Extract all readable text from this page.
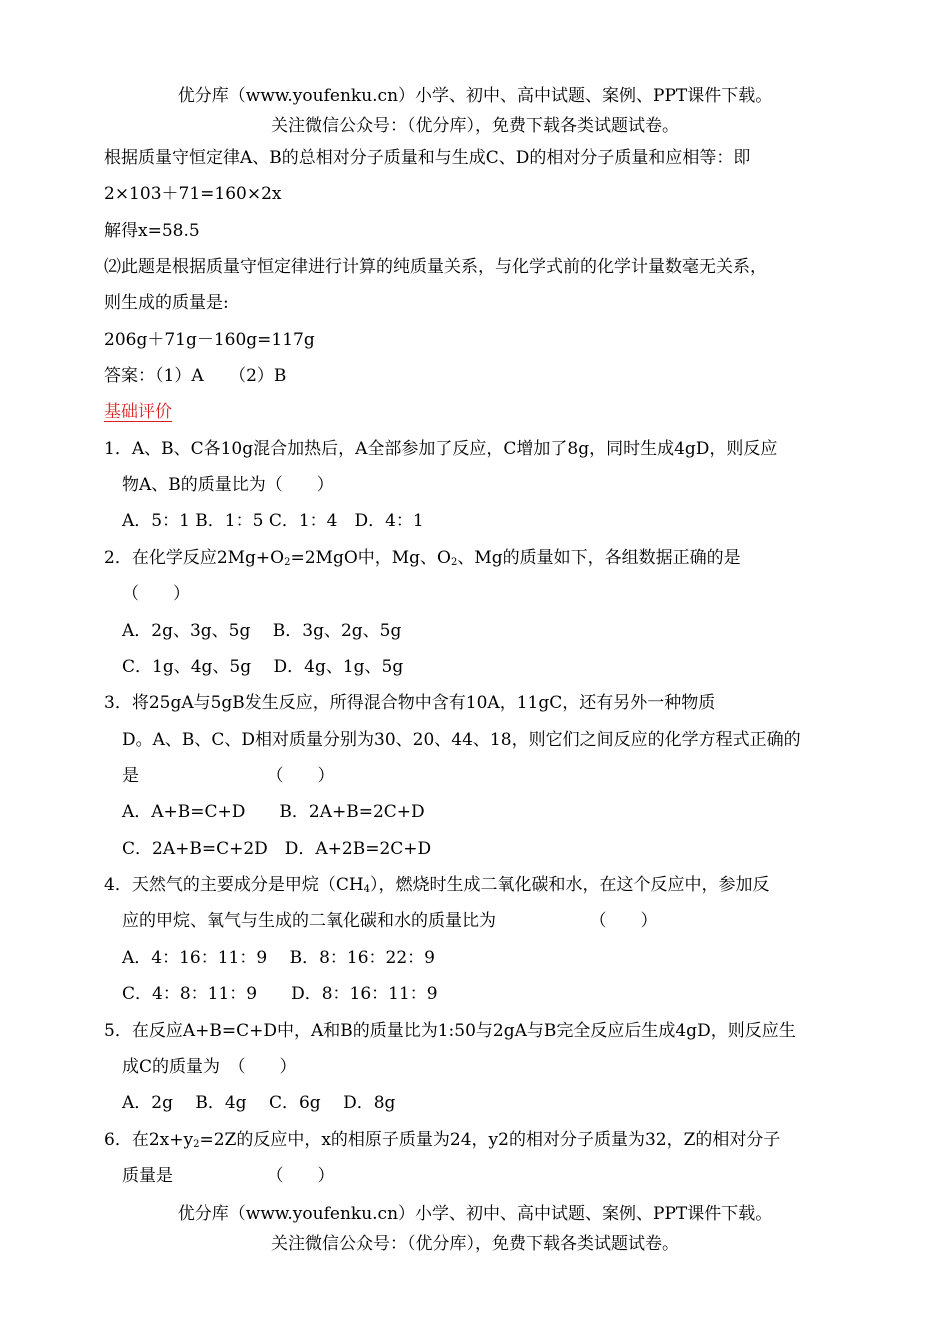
优分库（www.youfenku.cn）小学、初中、高中试题、案例、PPT课件下载。
关注微信公众号：（优分库），免费下载各类试题试卷。
根据质量守恒定律A、B的总相对分子质量和与生成C、D的相对分子质量和应相等：即
2×103＋71=160×2x
解得x=58.5
⑵此题是根据质量守恒定律进行计算的纯质量关系，与化学式前的化学计量数毫无关系，
则生成的质量是:
206g＋71g－160g=117g
答案：（1）A　　（2）B
基础评价
1．A、B、C各10g混合加热后，A全部参加了反应，C增加了8g，同时生成4gD，则反应
物A、B的质量比为（　　）
A．5：1 B．1：5 C．1：4　D．4：1
2．在化学反应$2Mg+O_2=2MgO$中，Mg、$O_2$、Mg的质量如下，各组数据正确的是
（　　）
A．2g、3g、5g　 B．3g、2g、5g
C．1g、4g、5g　 D．4g、1g、5g
3．将25gA与5gB发生反应，所得混合物中含有10A，11gC，还有另外一种物质
D。A、B、C、D相对质量分别为30、20、44、18，则它们之间反应的化学方程式正确的
是　　　　　　　　（　　）
A．A+B=C+D　　B．2A+B=2C+D
C．2A+B=C+2D　D．A+2B=2C+D
4．天然气的主要成分是甲烷$(CH_4)$，燃烧时生成二氧化碳和水，在这个反应中，参加反
应的甲烷、氧气与生成的二氧化碳和水的质量比为　　　　　　（　　）
A．4：16：11：9　 B．8：16：22：9
C．4：8：11：9　　D．8：16：11：9
5．在反应A+B=C+D中，A和B的质量比为1:50与2gA与B完全反应后生成4gD，则反应生
成C的质量为　（　　）
A．2g　 B．4g　 C．6g　 D．8g
6．在$2x+y_2=2Z$的反应中，x的相原子质量为24，y2的相对分子质量为32，Z的相对分子
质量是　　　　　　（　　）
优分库（www.youfenku.cn）小学、初中、高中试题、案例、PPT课件下载。
关注微信公众号：（优分库），免费下载各类试题试卷。
